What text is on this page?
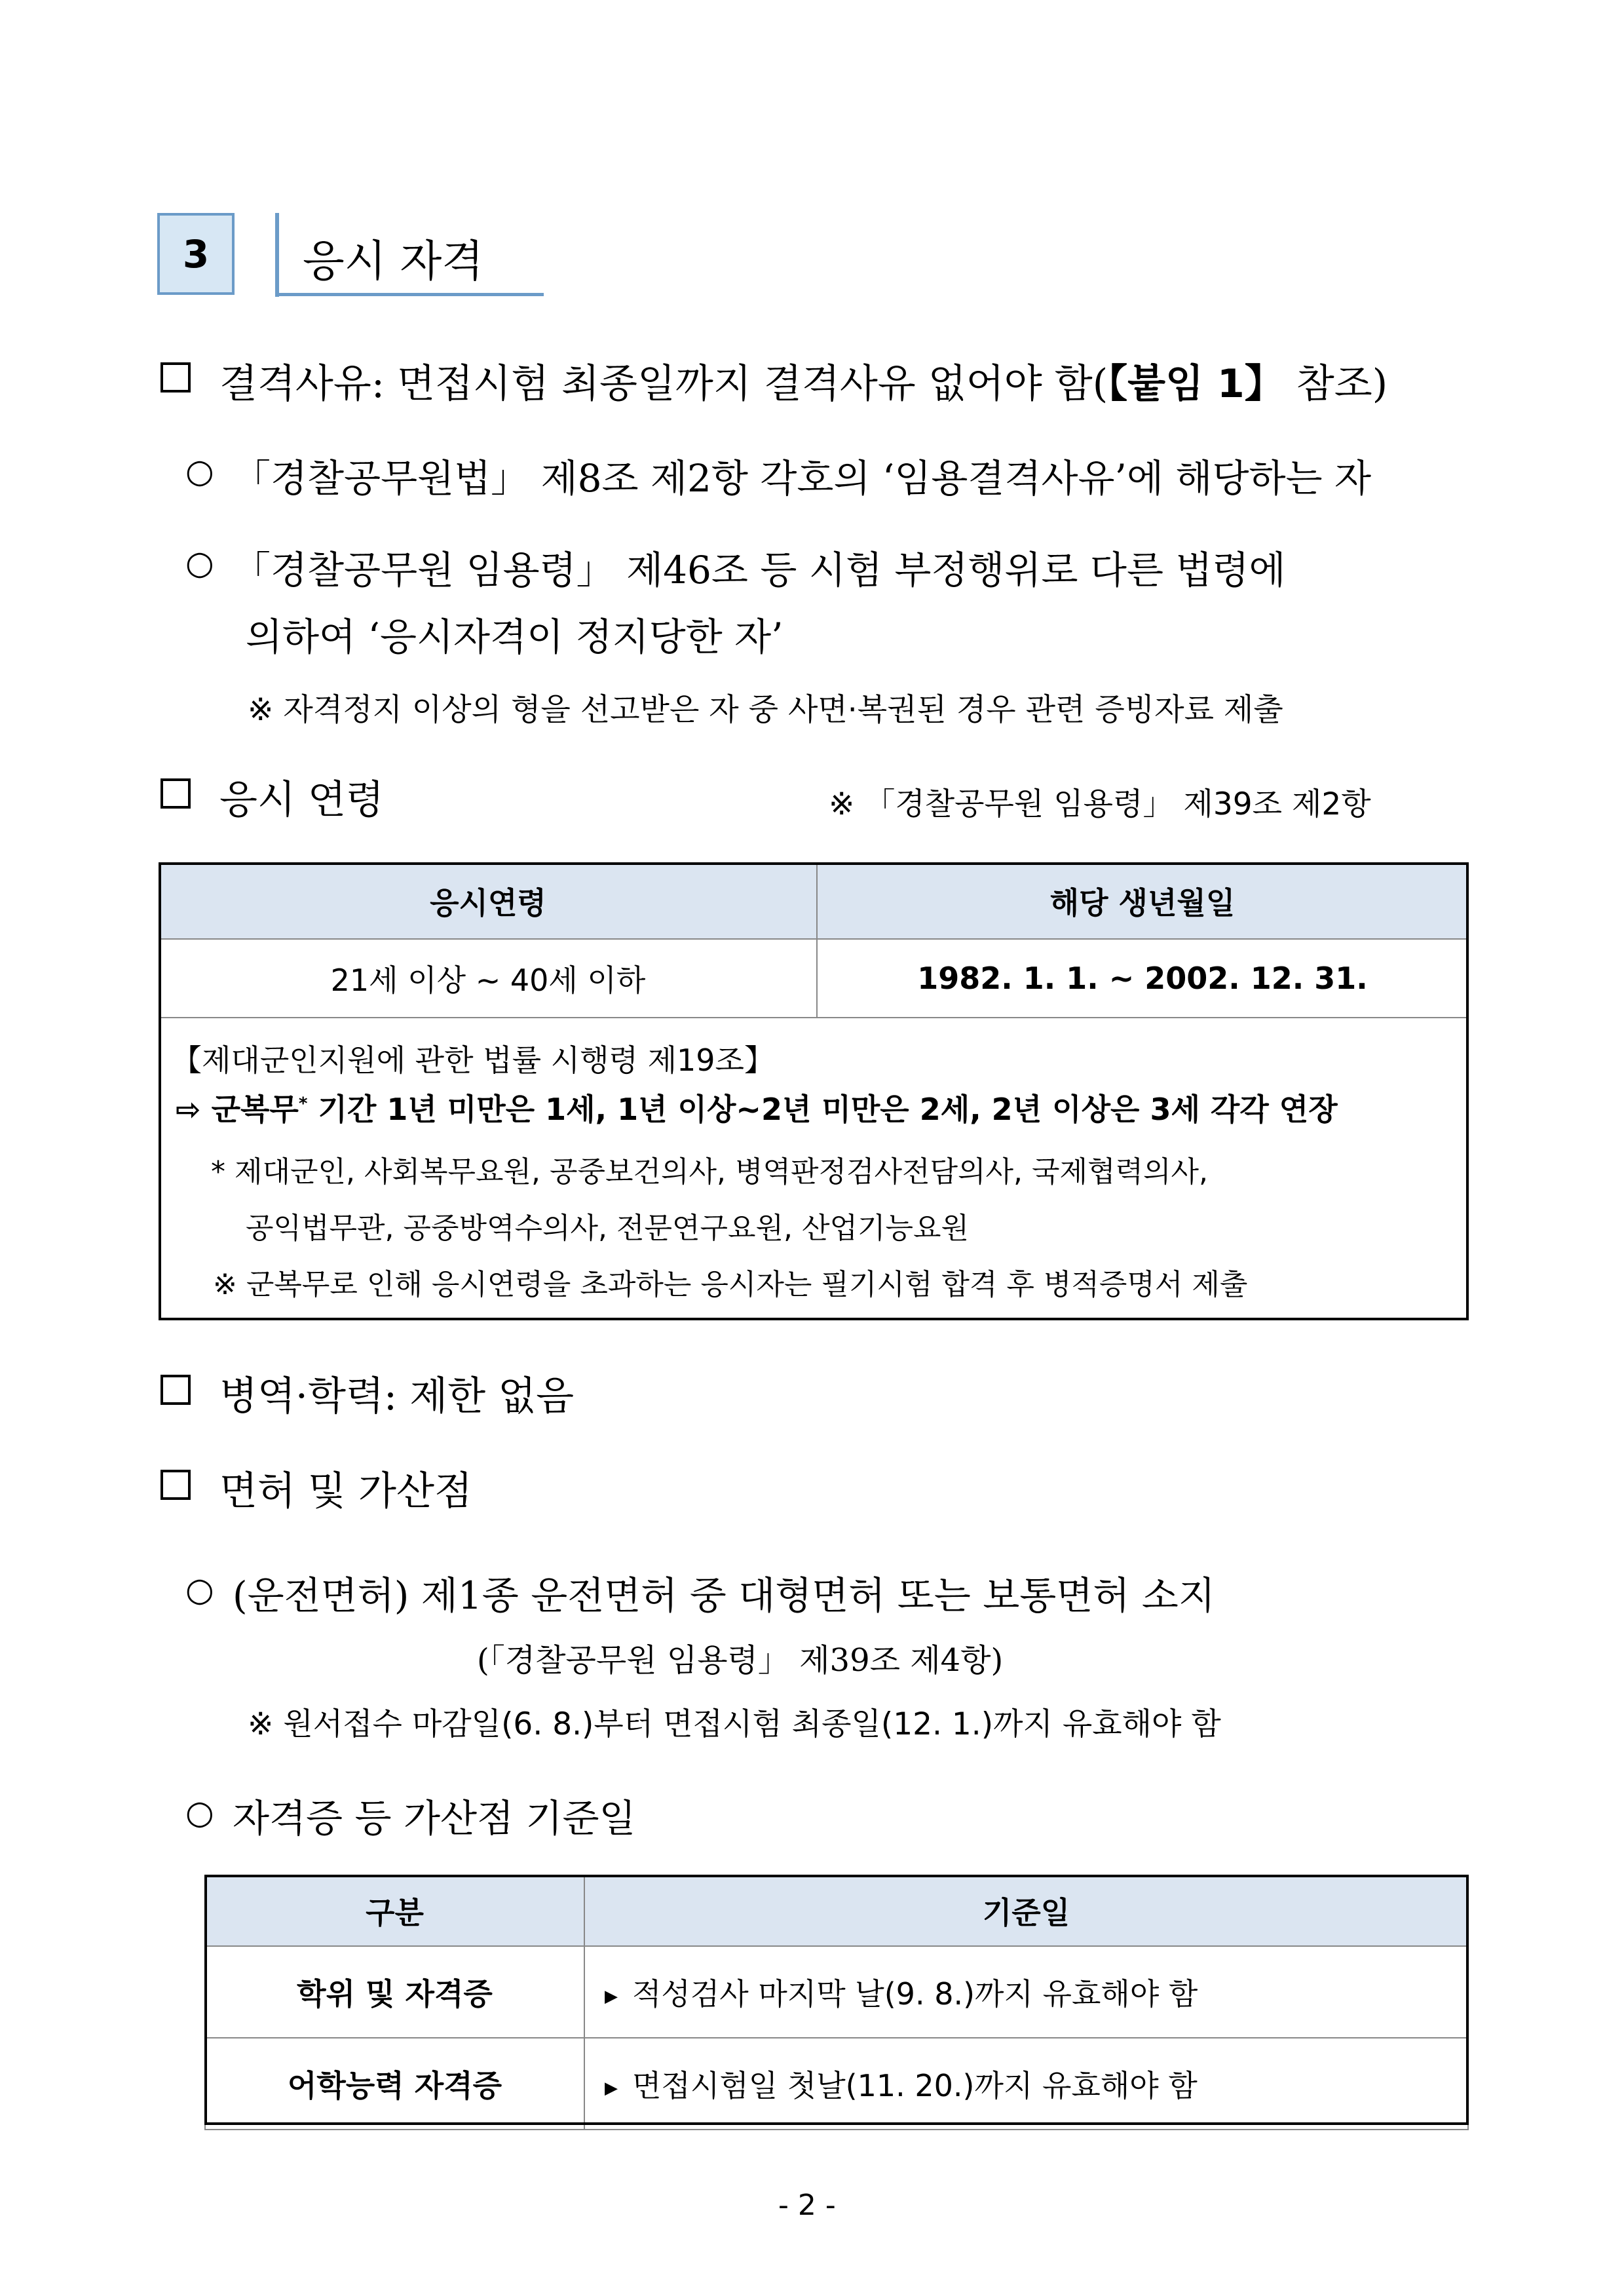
3 응시 자격
결격사유: 면접시험 최종일까지 결격사유 없어야 함(【붙임 1】 참조)
○ 「경찰공무원법」 제8조 제2항 각호의 ‘임용결격사유’에 해당하는 자
○ 「경찰공무원 임용령」 제46조 등 시험 부정행위로 다른 법령에
의하여 ‘응시자격이 정지당한 자’
※ 자격정지 이상의 형을 선고받은 자 중 사면·복권된 경우 관련 증빙자료 제출
응시 연령	※ 「경찰공무원 임용령」 제39조 제2항
응시연령	해당 생년월일
21세 이상 ~ 40세 이하	1982. 1. 1. ~ 2002. 12. 31.
【제대군인지원에 관한 법률 시행령 제19조】
⇨ 군복무* 기간 1년 미만은 1세, 1년 이상~2년 미만은 2세, 2년 이상은 3세 각각 연장
* 제대군인, 사회복무요원, 공중보건의사, 병역판정검사전담의사, 국제협력의사,
공익법무관, 공중방역수의사, 전문연구요원, 산업기능요원
※ 군복무로 인해 응시연령을 초과하는 응시자는 필기시험 합격 후 병적증명서 제출
병역·학력: 제한 없음
면허 및 가산점
○ (운전면허) 제1종 운전면허 중 대형면허 또는 보통면허 소지
(「경찰공무원 임용령」 제39조 제4항)
※ 원서접수 마감일(6. 8.)부터 면접시험 최종일(12. 1.)까지 유효해야 함
○ 자격증 등 가산점 기준일
구분	기준일
학위 및 자격증	▶ 적성검사 마지막 날(9. 8.)까지 유효해야 함
어학능력 자격증	▶ 면접시험일 첫날(11. 20.)까지 유효해야 함
- 2 -
